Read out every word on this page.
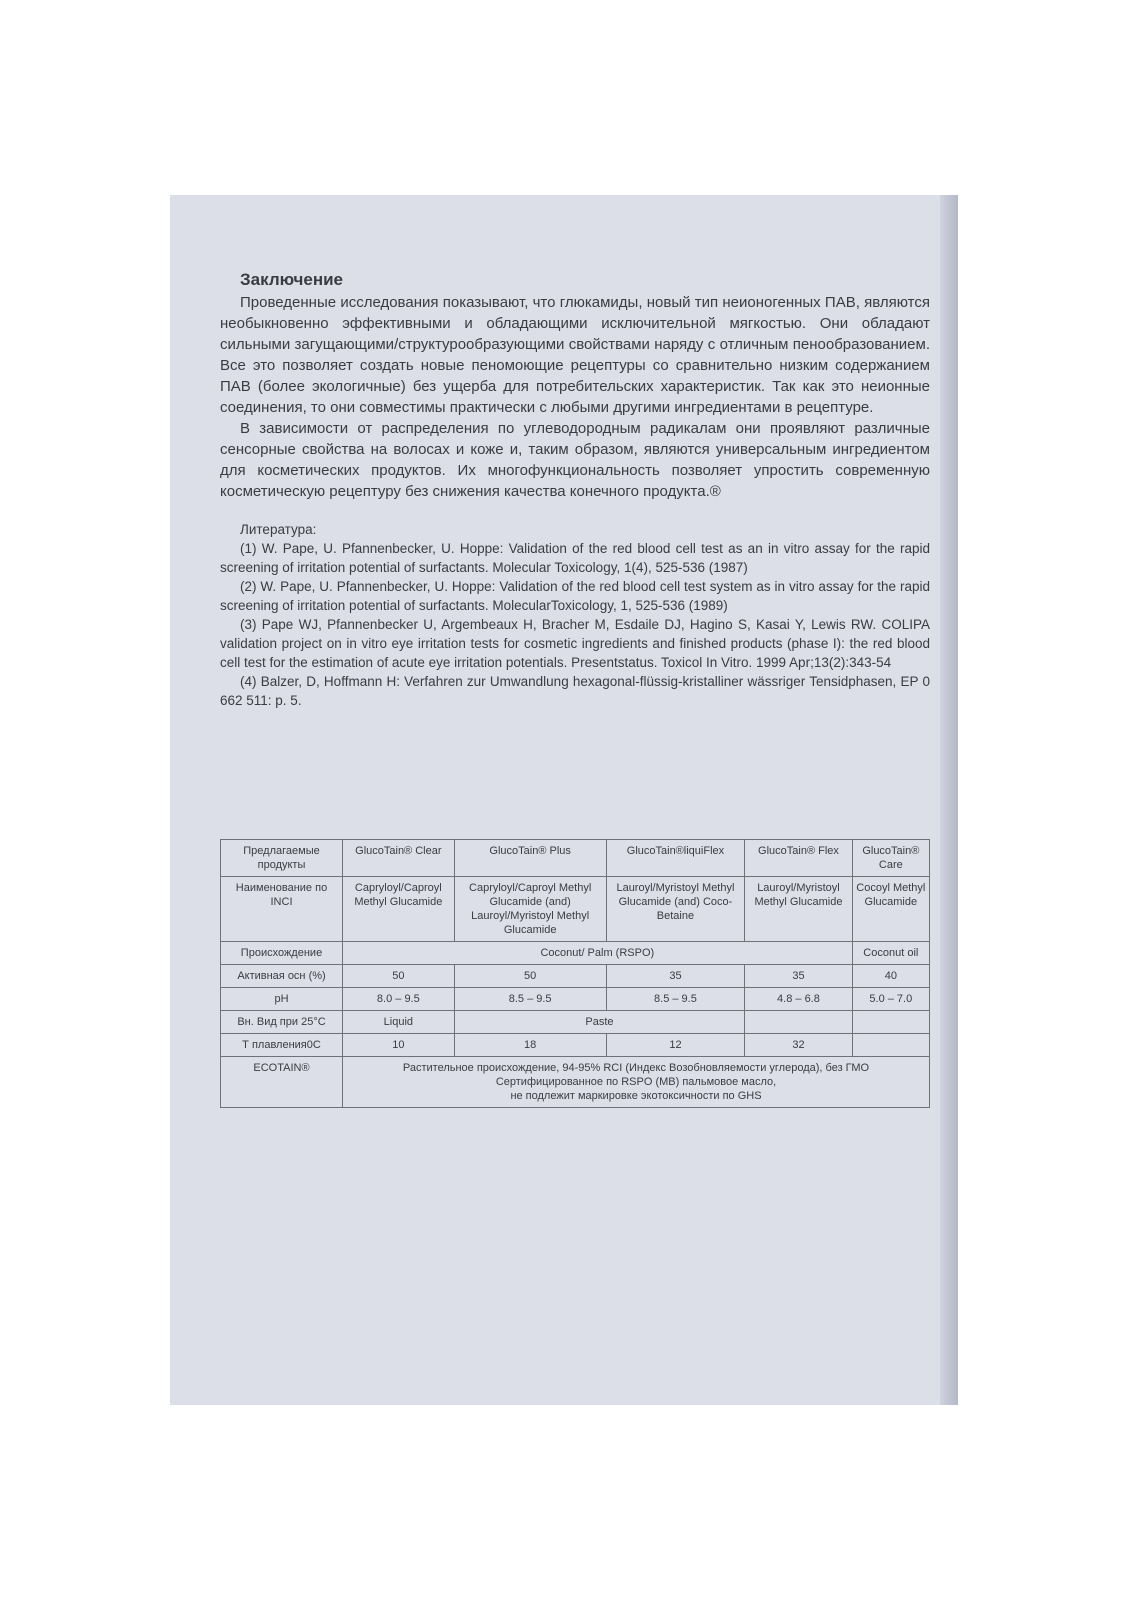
Заключение

Проведенные исследования показывают, что глюкамиды, новый тип неионогенных ПАВ, являются необыкновенно эффективными и обладающими исключительной мягкостью. Они обладают сильными загущающими/структурообразующими свойствами наряду с отличным пенообразованием. Все это позволяет создать новые пеномоющие рецептуры со сравнительно низким содержанием ПАВ (более экологичные) без ущерба для потребительских характеристик. Так как это неионные соединения, то они совместимы практически с любыми другими ингредиентами в рецептуре.

В зависимости от распределения по углеводородным радикалам они проявляют различные сенсорные свойства на волосах и коже и, таким образом, являются универсальным ингредиентом для косметических продуктов. Их многофункциональность позволяет упростить современную косметическую рецептуру без снижения качества конечного продукта.®

Литература:

(1) W. Pape, U. Pfannenbecker, U. Hoppe: Validation of the red blood cell test as an in vitro assay for the rapid screening of irritation potential of surfactants. Molecular Toxicology, 1(4), 525-536 (1987)

(2) W. Pape, U. Pfannenbecker, U. Hoppe: Validation of the red blood cell test system as in vitro assay for the rapid screening of irritation potential of surfactants. MolecularToxicology, 1, 525-536 (1989)

(3) Pape WJ, Pfannenbecker U, Argembeaux H, Bracher M, Esdaile DJ, Hagino S, Kasai Y, Lewis RW. COLIPA validation project on in vitro eye irritation tests for cosmetic ingredients and finished products (phase I): the red blood cell test for the estimation of acute eye irritation potentials. Presentstatus. Toxicol In Vitro. 1999 Apr;13(2):343-54

(4) Balzer, D, Hoffmann H: Verfahren zur Umwandlung hexagonal-flüssig-kristalliner wässriger Tensidphasen, EP 0 662 511: p. 5.

Предлагаемые продукты	GlucoTain® Clear	GlucoTain® Plus	GlucoTain®liquiFlex	GlucoTain® Flex	GlucoTain® Care
Наименование по INCI	Capryloyl/Caproyl Methyl Glucamide	Capryloyl/Caproyl Methyl Glucamide (and) Lauroyl/Myristoyl Methyl Glucamide	Lauroyl/Myristoyl Methyl Glucamide (and) Coco-Betaine	Lauroyl/Myristoyl Methyl Glucamide	Cocoyl Methyl Glucamide
Происхождение	Coconut/ Palm (RSPO)				Coconut oil
Активная осн (%)	50	50	35	35	40
pH	8.0 – 9.5	8.5 – 9.5	8.5 – 9.5	4.8 – 6.8	5.0 – 7.0
Вн. Вид при 25°C	Liquid	Paste			
Т плавления0С	10	18	12	32	
ECOTAIN®	Растительное происхождение, 94-95% RCI (Индекс Возобновляемости углерода), без ГМО
Сертифицированное по RSPO (MB) пальмовое масло,
не подлежит маркировке экотоксичности по GHS				
